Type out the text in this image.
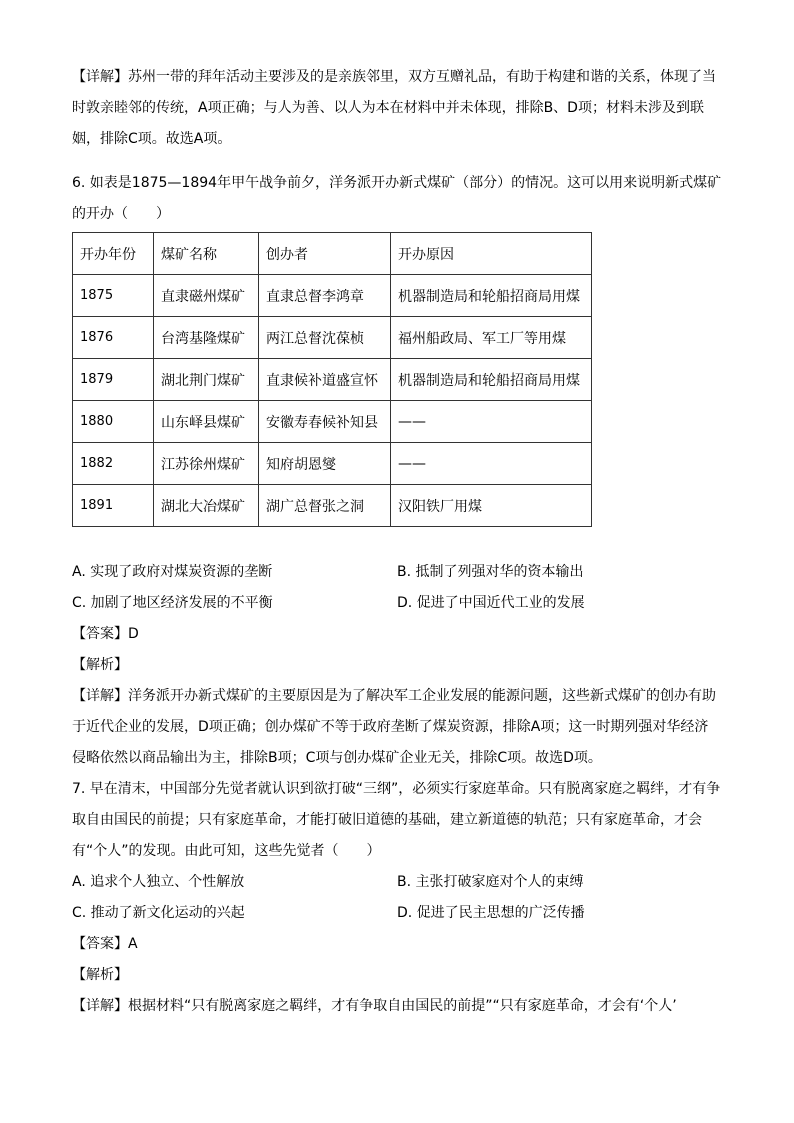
【详解】苏州一带的拜年活动主要涉及的是亲族邻里，双方互赠礼品，有助于构建和谐的关系，体现了当时敦亲睦邻的传统，A项正确；与人为善、以人为本在材料中并未体现，排除B、D项；材料未涉及到联姻，排除C项。故选A项。

6. 如表是1875—1894年甲午战争前夕，洋务派开办新式煤矿（部分）的情况。这可以用来说明新式煤矿的开办（　　）

开办年份	煤矿名称	创办者	开办原因
1875	直隶磁州煤矿	直隶总督李鸿章	机器制造局和轮船招商局用煤
1876	台湾基隆煤矿	两江总督沈葆桢	福州船政局、军工厂等用煤
1879	湖北荆门煤矿	直隶候补道盛宣怀	机器制造局和轮船招商局用煤
1880	山东峄县煤矿	安徽寿春候补知县	——
1882	江苏徐州煤矿	知府胡恩燮	——
1891	湖北大冶煤矿	湖广总督张之洞	汉阳铁厂用煤
A. 实现了政府对煤炭资源的垄断	B. 抵制了列强对华的资本输出
C. 加剧了地区经济发展的不平衡	D. 促进了中国近代工业的发展

【答案】D

【解析】

【详解】洋务派开办新式煤矿的主要原因是为了解决军工企业发展的能源问题，这些新式煤矿的创办有助于近代企业的发展，D项正确；创办煤矿不等于政府垄断了煤炭资源，排除A项；这一时期列强对华经济侵略依然以商品输出为主，排除B项；C项与创办煤矿企业无关，排除C项。故选D项。

7. 早在清末，中国部分先觉者就认识到欲打破“三纲”，必须实行家庭革命。只有脱离家庭之羁绊，才有争取自由国民的前提；只有家庭革命，才能打破旧道德的基础，建立新道德的轨范；只有家庭革命，才会有“个人”的发现。由此可知，这些先觉者（　　）

A. 追求个人独立、个性解放	B. 主张打破家庭对个人的束缚
C. 推动了新文化运动的兴起	D. 促进了民主思想的广泛传播

【答案】A

【解析】

【详解】根据材料“只有脱离家庭之羁绊，才有争取自由国民的前提”“只有家庭革命，才会有‘个人’
